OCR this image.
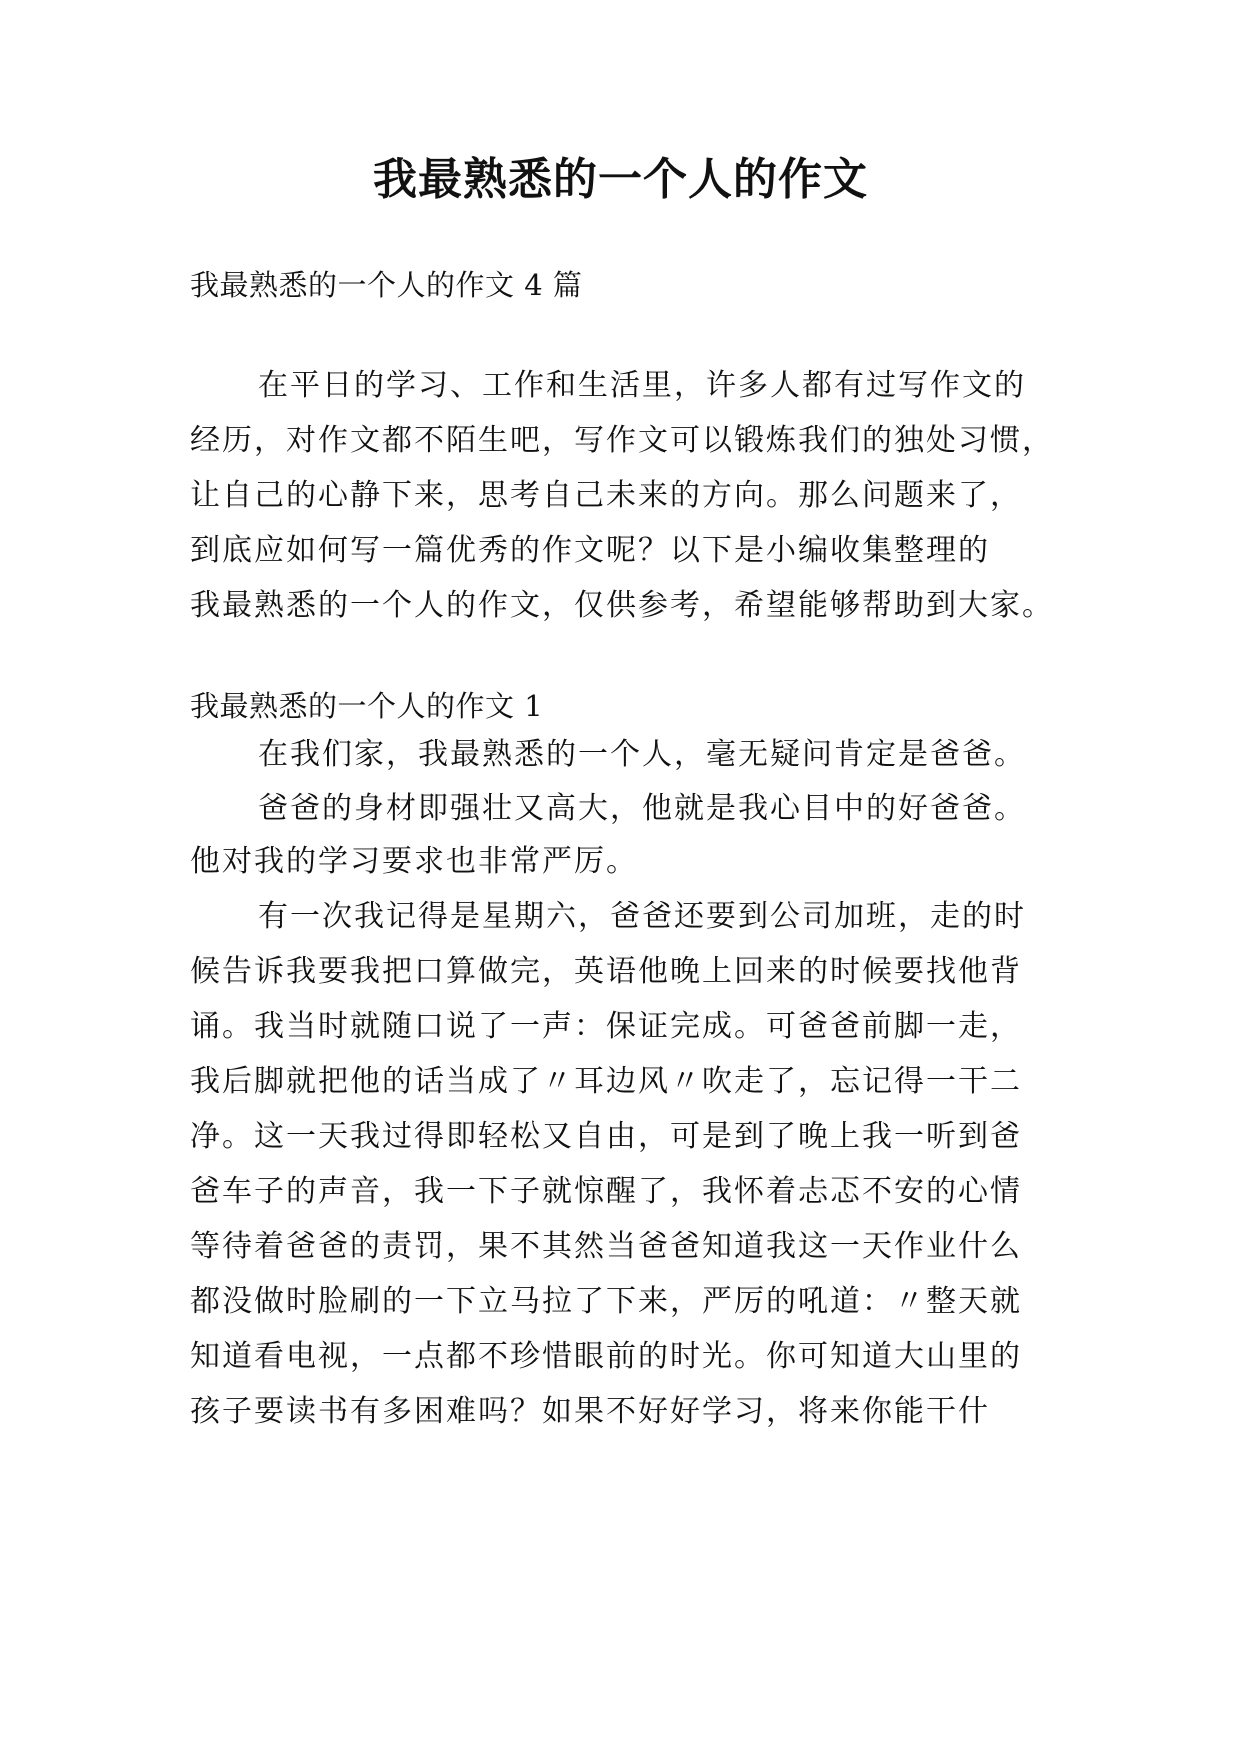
我最熟悉的一个人的作文
我最熟悉的一个人的作文 4 篇
在平日的学习、工作和生活里，许多人都有过写作文的
经历，对作文都不陌生吧，写作文可以锻炼我们的独处习惯，
让自己的心静下来，思考自己未来的方向。那么问题来了，
到底应如何写一篇优秀的作文呢？以下是小编收集整理的
我最熟悉的一个人的作文，仅供参考，希望能够帮助到大家。
我最熟悉的一个人的作文 1
在我们家，我最熟悉的一个人，毫无疑问肯定是爸爸。
爸爸的身材即强壮又高大，他就是我心目中的好爸爸。
他对我的学习要求也非常严厉。
有一次我记得是星期六，爸爸还要到公司加班，走的时
候告诉我要我把口算做完，英语他晚上回来的时候要找他背
诵。我当时就随口说了一声：保证完成。可爸爸前脚一走，
我后脚就把他的话当成了〃耳边风〃吹走了，忘记得一干二
净。这一天我过得即轻松又自由，可是到了晚上我一听到爸
爸车子的声音，我一下子就惊醒了，我怀着忐忑不安的心情
等待着爸爸的责罚，果不其然当爸爸知道我这一天作业什么
都没做时脸刷的一下立马拉了下来，严厉的吼道：〃整天就
知道看电视，一点都不珍惜眼前的时光。你可知道大山里的
孩子要读书有多困难吗？如果不好好学习，将来你能干什
